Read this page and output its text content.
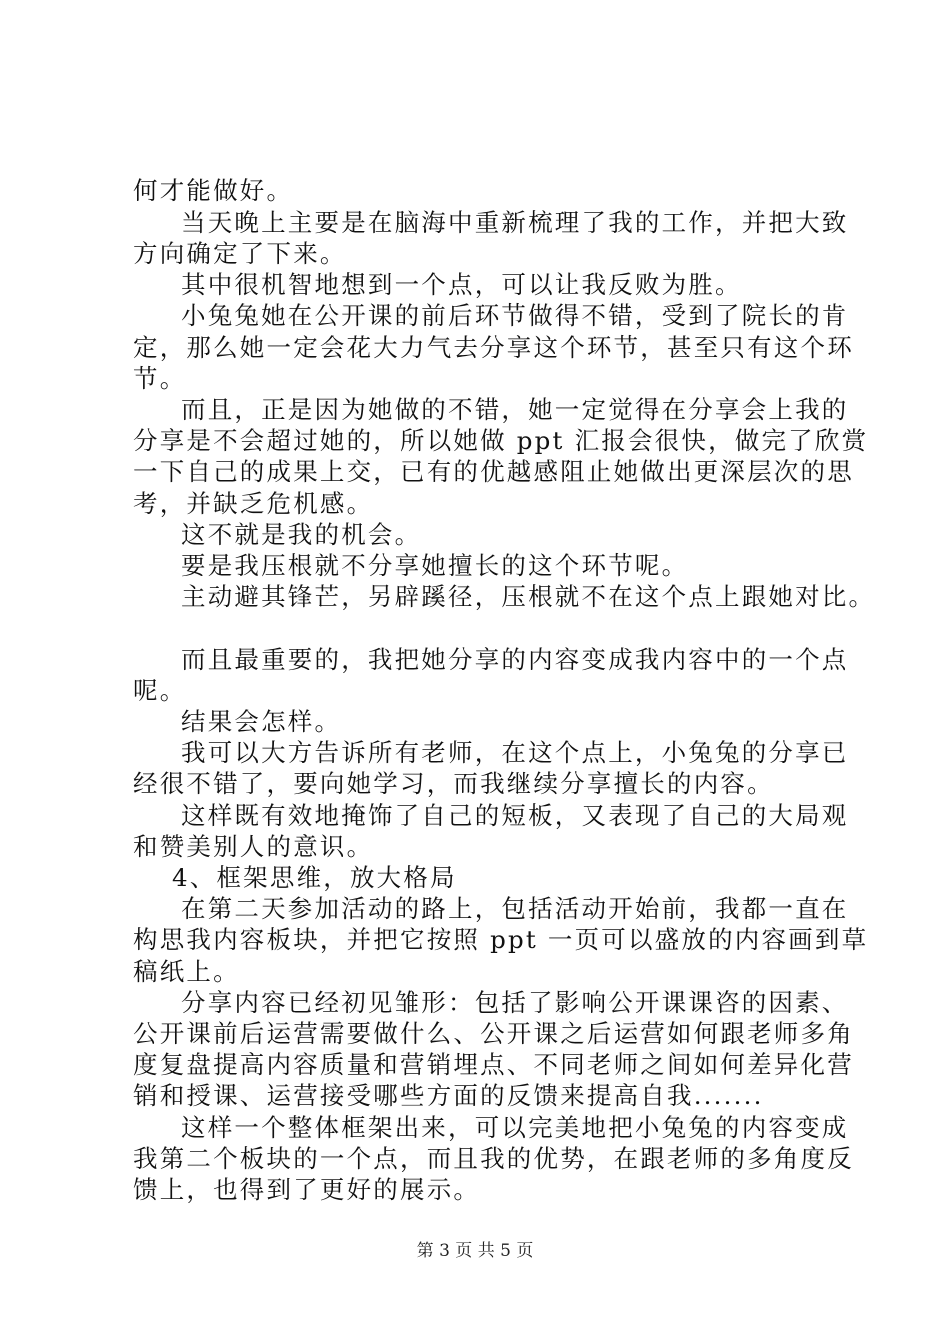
何才能做好。
当天晚上主要是在脑海中重新梳理了我的工作，并把大致
方向确定了下来。
其中很机智地想到一个点，可以让我反败为胜。
小兔兔她在公开课的前后环节做得不错，受到了院长的肯
定，那么她一定会花大力气去分享这个环节，甚至只有这个环
节。
而且，正是因为她做的不错，她一定觉得在分享会上我的
分享是不会超过她的，所以她做 ppt 汇报会很快，做完了欣赏
一下自己的成果上交，已有的优越感阻止她做出更深层次的思
考，并缺乏危机感。
这不就是我的机会。
要是我压根就不分享她擅长的这个环节呢。
主动避其锋芒，另辟蹊径，压根就不在这个点上跟她对比。
而且最重要的，我把她分享的内容变成我内容中的一个点
呢。
结果会怎样。
我可以大方告诉所有老师，在这个点上，小兔兔的分享已
经很不错了，要向她学习，而我继续分享擅长的内容。
这样既有效地掩饰了自己的短板，又表现了自己的大局观
和赞美别人的意识。
4、框架思维，放大格局
在第二天参加活动的路上，包括活动开始前，我都一直在
构思我内容板块，并把它按照 ppt 一页可以盛放的内容画到草
稿纸上。
分享内容已经初见雏形：包括了影响公开课课咨的因素、
公开课前后运营需要做什么、公开课之后运营如何跟老师多角
度复盘提高内容质量和营销埋点、不同老师之间如何差异化营
销和授课、运营接受哪些方面的反馈来提高自我.......
这样一个整体框架出来，可以完美地把小兔兔的内容变成
我第二个板块的一个点，而且我的优势，在跟老师的多角度反
馈上，也得到了更好的展示。
第 3 页 共 5 页
